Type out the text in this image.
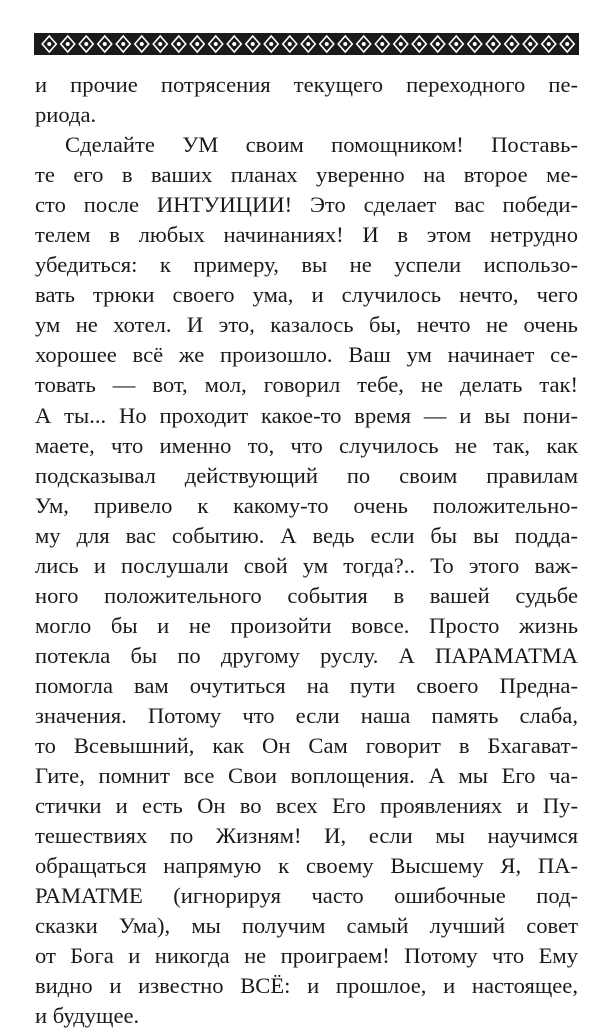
и прочие потрясения текущего переходного пе-
риода.
Сделайте УМ своим помощником! Поставь-
те его в ваших планах уверенно на второе ме-
сто после ИНТУИЦИИ! Это сделает вас победи-
телем в любых начинаниях! И в этом нетрудно
убедиться: к примеру, вы не успели использо-
вать трюки своего ума, и случилось нечто, чего
ум не хотел. И это, казалось бы, нечто не очень
хорошее всё же произошло. Ваш ум начинает се-
товать — вот, мол, говорил тебе, не делать так!
А ты... Но проходит какое-то время — и вы пони-
маете, что именно то, что случилось не так, как
подсказывал действующий по своим правилам
Ум, привело к какому-то очень положительно-
му для вас событию. А ведь если бы вы подда-
лись и послушали свой ум тогда?.. То этого важ-
ного положительного события в вашей судьбе
могло бы и не произойти вовсе. Просто жизнь
потекла бы по другому руслу. А ПАРАМАТМА
помогла вам очутиться на пути своего Предна-
значения. Потому что если наша память слаба,
то Всевышний, как Он Сам говорит в Бхагават-
Гите, помнит все Свои воплощения. А мы Его ча-
стички и есть Он во всех Его проявлениях и Пу-
тешествиях по Жизням! И, если мы научимся
обращаться напрямую к своему Высшему Я, ПА-
РАМАТМЕ (игнорируя часто ошибочные под-
сказки Ума), мы получим самый лучший совет
от Бога и никогда не проиграем! Потому что Ему
видно и известно ВСЁ: и прошлое, и настоящее,
и будущее.
